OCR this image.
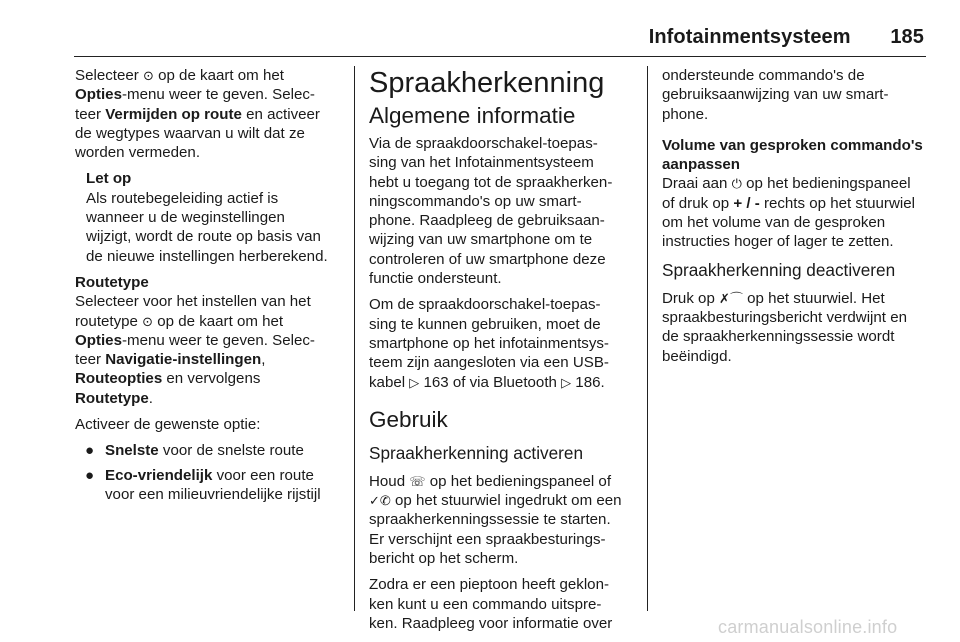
Infotainmentsysteem 185

Selecteer ⊙ op de kaart om het
Opties-menu weer te geven. Selec-
teer Vermijden op route en activeer
de wegtypes waarvan u wilt dat ze
worden vermeden.

Let op
Als routebegeleiding actief is
wanneer u de weginstellingen
wijzigt, wordt de route op basis van
de nieuwe instellingen herberekend.

Routetype
Selecteer voor het instellen van het
routetype ⊙ op de kaart om het
Opties-menu weer te geven. Selec-
teer Navigatie-instellingen,
Routeopties en vervolgens
Routetype.

Activeer de gewenste optie:

● Snelste voor de snelste route
● Eco-vriendelijk voor een route
voor een milieuvriendelijke rijstijl
Spraakherkenning
Algemene informatie

Via de spraakdoorschakel-toepas-
sing van het Infotainmentsysteem
hebt u toegang tot de spraakherken-
ningscommando's op uw smart-
phone. Raadpleeg de gebruiksaan-
wijzing van uw smartphone om te
controleren of uw smartphone deze
functie ondersteunt.

Om de spraakdoorschakel-toepas-
sing te kunnen gebruiken, moet de
smartphone op het infotainmentsys-
teem zijn aangesloten via een USB-
kabel ▷ 163 of via Bluetooth ▷ 186.

Gebruik
Spraakherkenning activeren

Houd ☏ op het bedieningspaneel of
✓✆ op het stuurwiel ingedrukt om een
spraakherkenningssessie te starten.
Er verschijnt een spraakbesturings-
bericht op het scherm.

Zodra er een pieptoon heeft geklon-
ken kunt u een commando uitspre-
ken. Raadpleeg voor informatie over

ondersteunde commando's de
gebruiksaanwijzing van uw smart-
phone.

Volume van gesproken commando's
aanpassen
Draai aan ⏻ op het bedieningspaneel
of druk op + / - rechts op het stuurwiel
om het volume van de gesproken
instructies hoger of lager te zetten.

Spraakherkenning deactiveren

Druk op ✗⌒ op het stuurwiel. Het
spraakbesturingsbericht verdwijnt en
de spraakherkenningssessie wordt
beëindigd.

carmanualsonline.info
